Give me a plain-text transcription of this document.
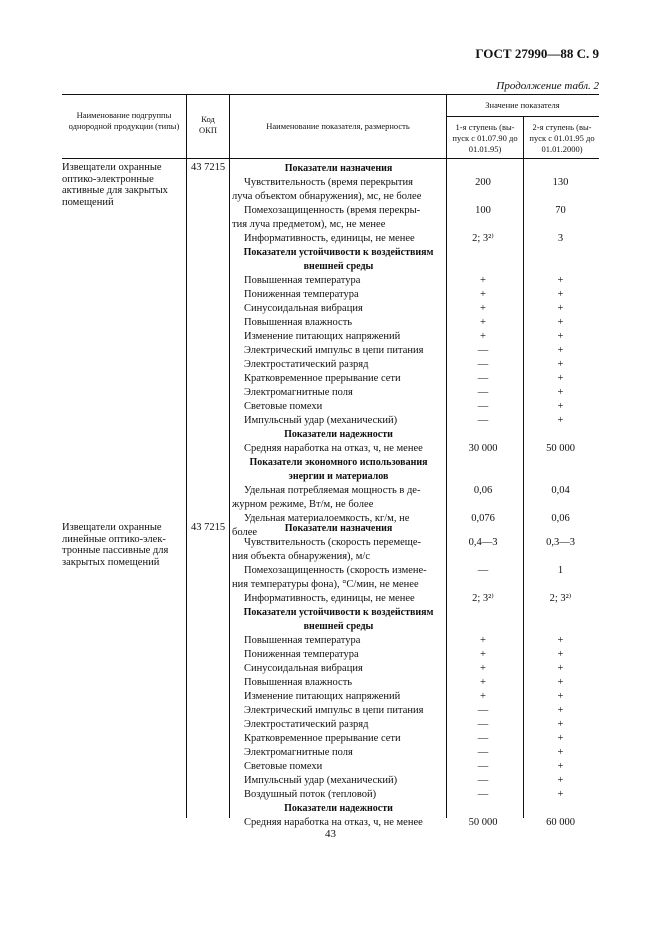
ГОСТ 27990—88 С. 9
Продолжение табл. 2
Наименование подгруппы однородной продукции (типы)
Код ОКП	Наименование показателя, размерность
Значение показателя
1-я ступень (вы-пуск с 01.07.90 до 01.01.95)
2-я ступень (вы-пуск с 01.01.95 до 01.01.2000)
Извещатели охранные оптико-электронные активные для закрытых помещений
43 7215	Показатели назначения
Чувствительность (время перекрытия	200	130
луча объектом обнаружения), мс, не более
Помехозащищенность (время перекры-	100	70
тия луча предметом), мс, не менее
Информативность, единицы, не менее	2; 3²⁾	3
Показатели устойчивости к воздействиям
внешней среды
Повышенная температура	+	+
Пониженная температура	+	+
Синусоидальная вибрация	+	+
Повышенная влажность	+	+
Изменение питающих напряжений	+	+
Электрический импульс в цепи питания	—	+
Электростатический разряд	—	+
Кратковременное прерывание сети	—	+
Электромагнитные поля	—	+
Световые помехи	—	+
Импульсный удар (механический)	—	+
Показатели надежности
Средняя наработка на отказ, ч, не менее	30 000	50 000
Показатели экономного использования
энергии и материалов
Удельная потребляемая мощность в де-	0,06	0,04
журном режиме, Вт/м, не более
Удельная материалоемкость, кг/м, не	0,076	0,06
более
Извещатели охранные линейные оптико-элек-тронные пассивные для закрытых помещений
43 7215	Показатели назначения
Чувствительность (скорость перемеще-	0,4—3	0,3—3
ния объекта обнаружения), м/с
Помехозащищенность (скорость измене-	—	1
ния температуры фона), °С/мин, не менее
Информативность, единицы, не менее	2; 3²⁾	2; 3²⁾
Показатели устойчивости к воздействиям
внешней среды
Повышенная температура	+	+
Пониженная температура	+	+
Синусоидальная вибрация	+	+
Повышенная влажность	+	+
Изменение питающих напряжений	+	+
Электрический импульс в цепи питания	—	+
Электростатический разряд	—	+
Кратковременное прерывание сети	—	+
Электромагнитные поля	—	+
Световые помехи	—	+
Импульсный удар (механический)	—	+
Воздушный поток (тепловой)	—	+
Показатели надежности
Средняя наработка на отказ, ч, не менее	50 000	60 000
43
